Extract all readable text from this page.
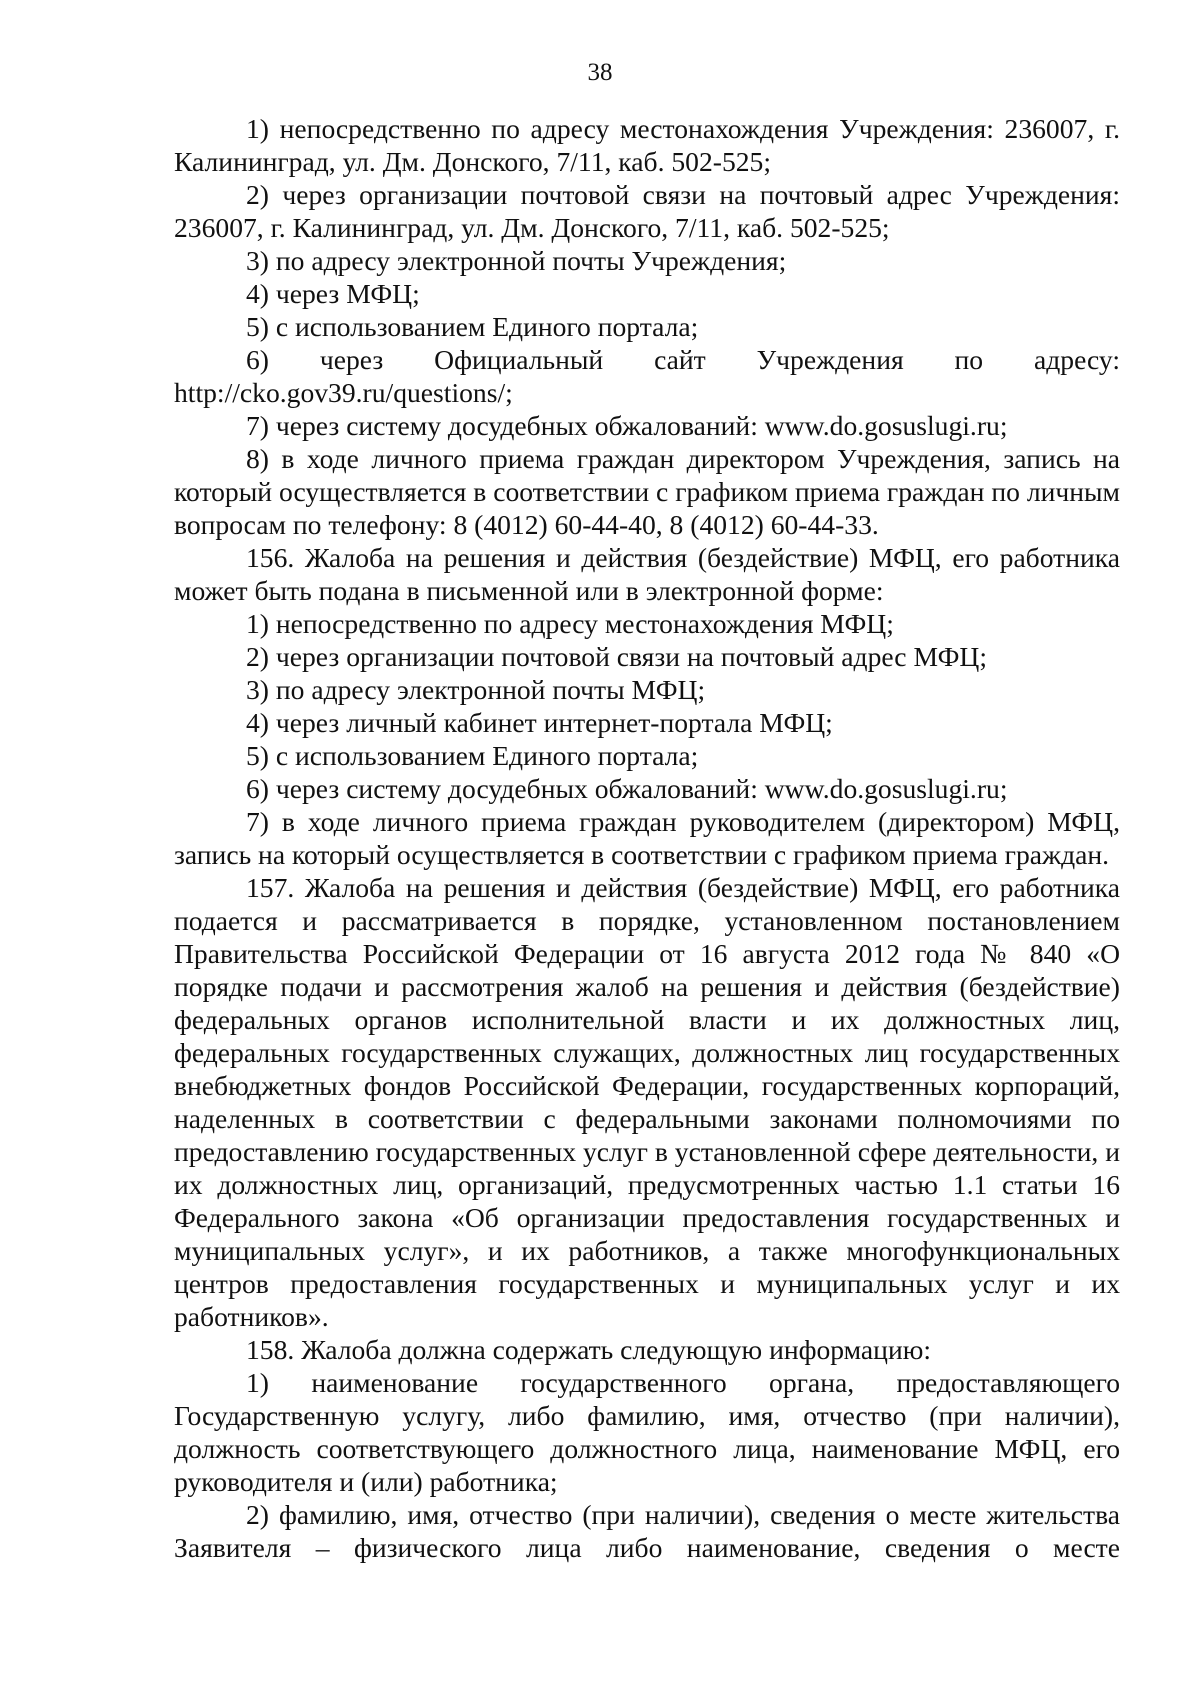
38

1) непосредственно по адресу местонахождения Учреждения: 236007, г. Калининград, ул. Дм. Донского, 7/11, каб. 502-525;

2) через организации почтовой связи на почтовый адрес Учреждения: 236007, г. Калининград, ул. Дм. Донского, 7/11, каб. 502-525;

3) по адресу электронной почты Учреждения;

4) через МФЦ;

5) с использованием Единого портала;

6) через Официальный сайт Учреждения по адресу: http://cko.gov39.ru/questions/;

7) через систему досудебных обжалований: www.do.gosuslugi.ru;

8) в ходе личного приема граждан директором Учреждения, запись на который осуществляется в соответствии с графиком приема граждан по личным вопросам по телефону: 8 (4012) 60-44-40, 8 (4012) 60-44-33.

156. Жалоба на решения и действия (бездействие) МФЦ, его работника может быть подана в письменной или в электронной форме:

1) непосредственно по адресу местонахождения МФЦ;

2) через организации почтовой связи на почтовый адрес МФЦ;

3) по адресу электронной почты МФЦ;

4) через личный кабинет интернет-портала МФЦ;

5) с использованием Единого портала;

6) через систему досудебных обжалований: www.do.gosuslugi.ru;

7) в ходе личного приема граждан руководителем (директором) МФЦ, запись на который осуществляется в соответствии с графиком приема граждан.

157. Жалоба на решения и действия (бездействие) МФЦ, его работника подается и рассматривается в порядке, установленном постановлением Правительства Российской Федерации от 16 августа 2012 года № 840 «О порядке подачи и рассмотрения жалоб на решения и действия (бездействие) федеральных органов исполнительной власти и их должностных лиц, федеральных государственных служащих, должностных лиц государственных внебюджетных фондов Российской Федерации, государственных корпораций, наделенных в соответствии с федеральными законами полномочиями по предоставлению государственных услуг в установленной сфере деятельности, и их должностных лиц, организаций, предусмотренных частью 1.1 статьи 16 Федерального закона «Об организации предоставления государственных и муниципальных услуг», и их работников, а также многофункциональных центров предоставления государственных и муниципальных услуг и их работников».

158. Жалоба должна содержать следующую информацию:

1) наименование государственного органа, предоставляющего Государственную услугу, либо фамилию, имя, отчество (при наличии), должность соответствующего должностного лица, наименование МФЦ, его руководителя и (или) работника;

2) фамилию, имя, отчество (при наличии), сведения о месте жительства Заявителя – физического лица либо наименование, сведения о месте
